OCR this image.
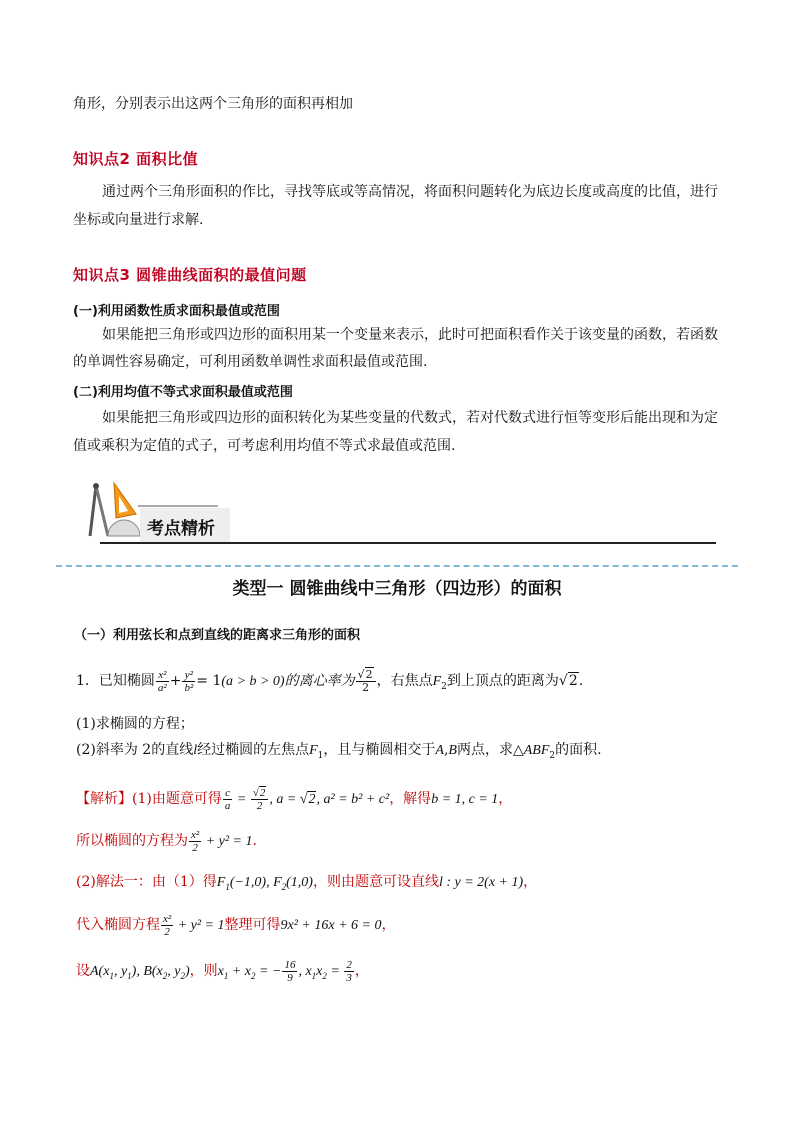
角形，分别表示出这两个三角形的面积再相加
知识点2 面积比值
通过两个三角形面积的作比，寻找等底或等高情况，将面积问题转化为底边长度或高度的比值，进行
坐标或向量进行求解.
知识点3 圆锥曲线面积的最值问题
(一)利用函数性质求面积最值或范围
如果能把三角形或四边形的面积用某一个变量来表示，此时可把面积看作关于该变量的函数，若函数
的单调性容易确定，可利用函数单调性求面积最值或范围.
(二)利用均值不等式求面积最值或范围
如果能把三角形或四边形的面积转化为某些变量的代数式，若对代数式进行恒等变形后能出现和为定
值或乘积为定值的式子，可考虑利用均值不等式求最值或范围.
考点精析
类型一 圆锥曲线中三角形（四边形）的面积
（一）利用弦长和点到直线的距离求三角形的面积
1．已知椭圆 $\frac{\text{x²}}{\text{a²}} + \frac{\text{y²}}{\text{b²}} = 1(a > b > 0)$的离心率为 $\frac{√2}{2}$ ，右焦点$F_2$到上顶点的距离为√2.
(1)求椭圆的方程；
(2)斜率为 2的直线l经过椭圆的左焦点$F_1$，且与椭圆相交于A,B两点，求$\triangle ABF_2$的面积.
【解析】(1)由题意可得 $\frac{c}{a} = \frac{√2}{2}$ , a = √2, a² = b² + c²，解得b = 1, c = 1，
所以椭圆的方程为 $\frac{\text{x²}}{2} + y^2 = 1$.
(2)解法一：由（1）得$F_1(-1,0)$, $F_2(1,0)$，则由题意可设直线l : y = 2(x + 1)，
代入椭圆方程 $\frac{\text{x²}}{2} + y^2 = 1$整理可得9x² + 16x + 6 = 0，
设$A(x_1$, $y_1$), $B(x_2$, $y_2$)，则$x_1 + x_2$ = − $\frac{16}{9}$ , $x_1x_2 = \frac{2}{3}$ ，
